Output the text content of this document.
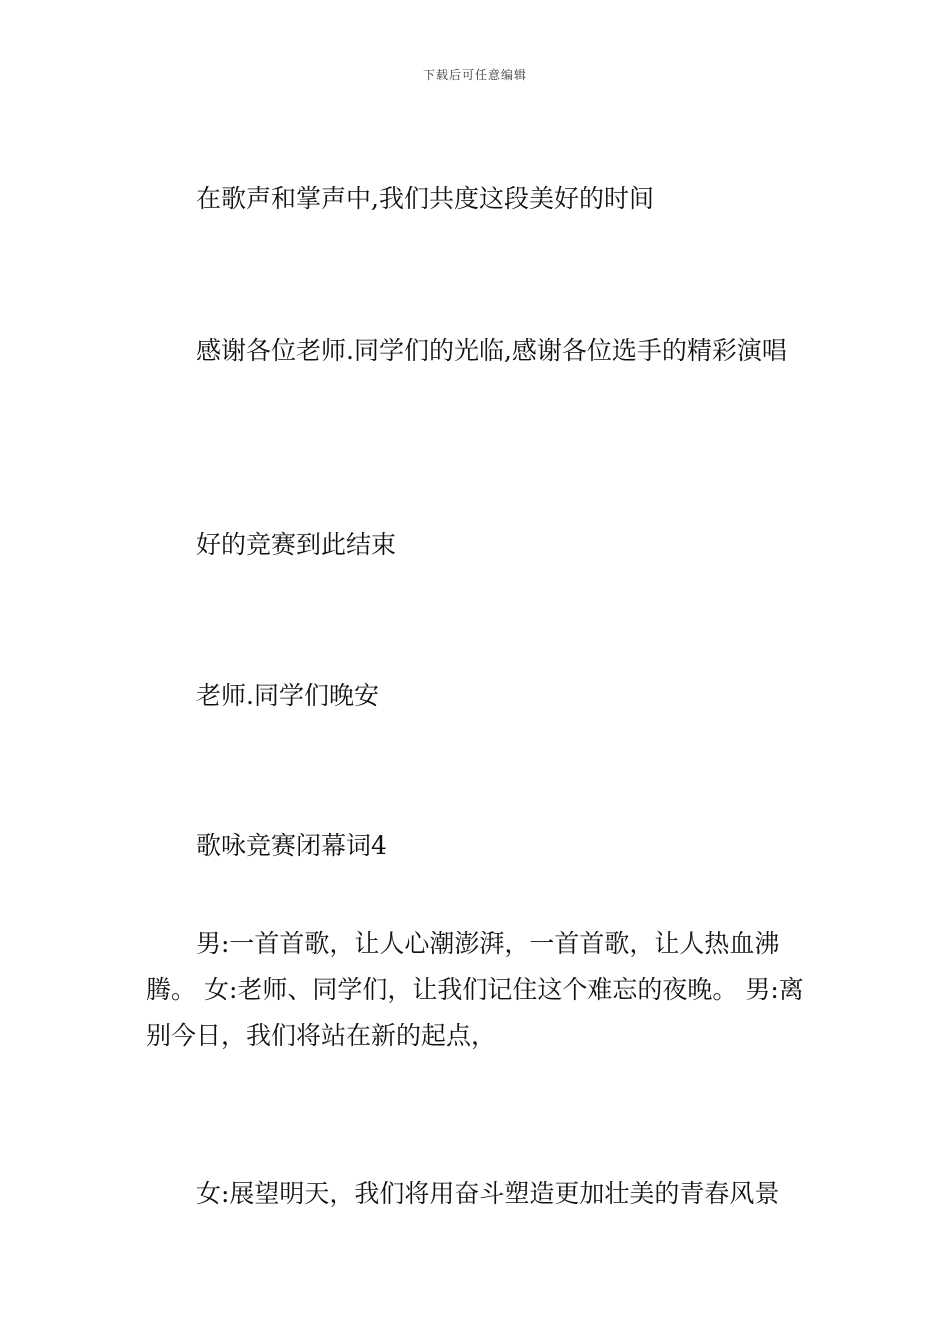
下载后可任意编辑

在歌声和掌声中,我们共度这段美好的时间

感谢各位老师.同学们的光临,感谢各位选手的精彩演唱

好的竞赛到此结束

老师.同学们晚安

歌咏竞赛闭幕词4

男:一首首歌，让人心潮澎湃，一首首歌，让人热血沸腾。 女:老师、同学们，让我们记住这个难忘的夜晚。 男:离别今日，我们将站在新的起点，

女:展望明天，我们将用奋斗塑造更加壮美的青春风景
